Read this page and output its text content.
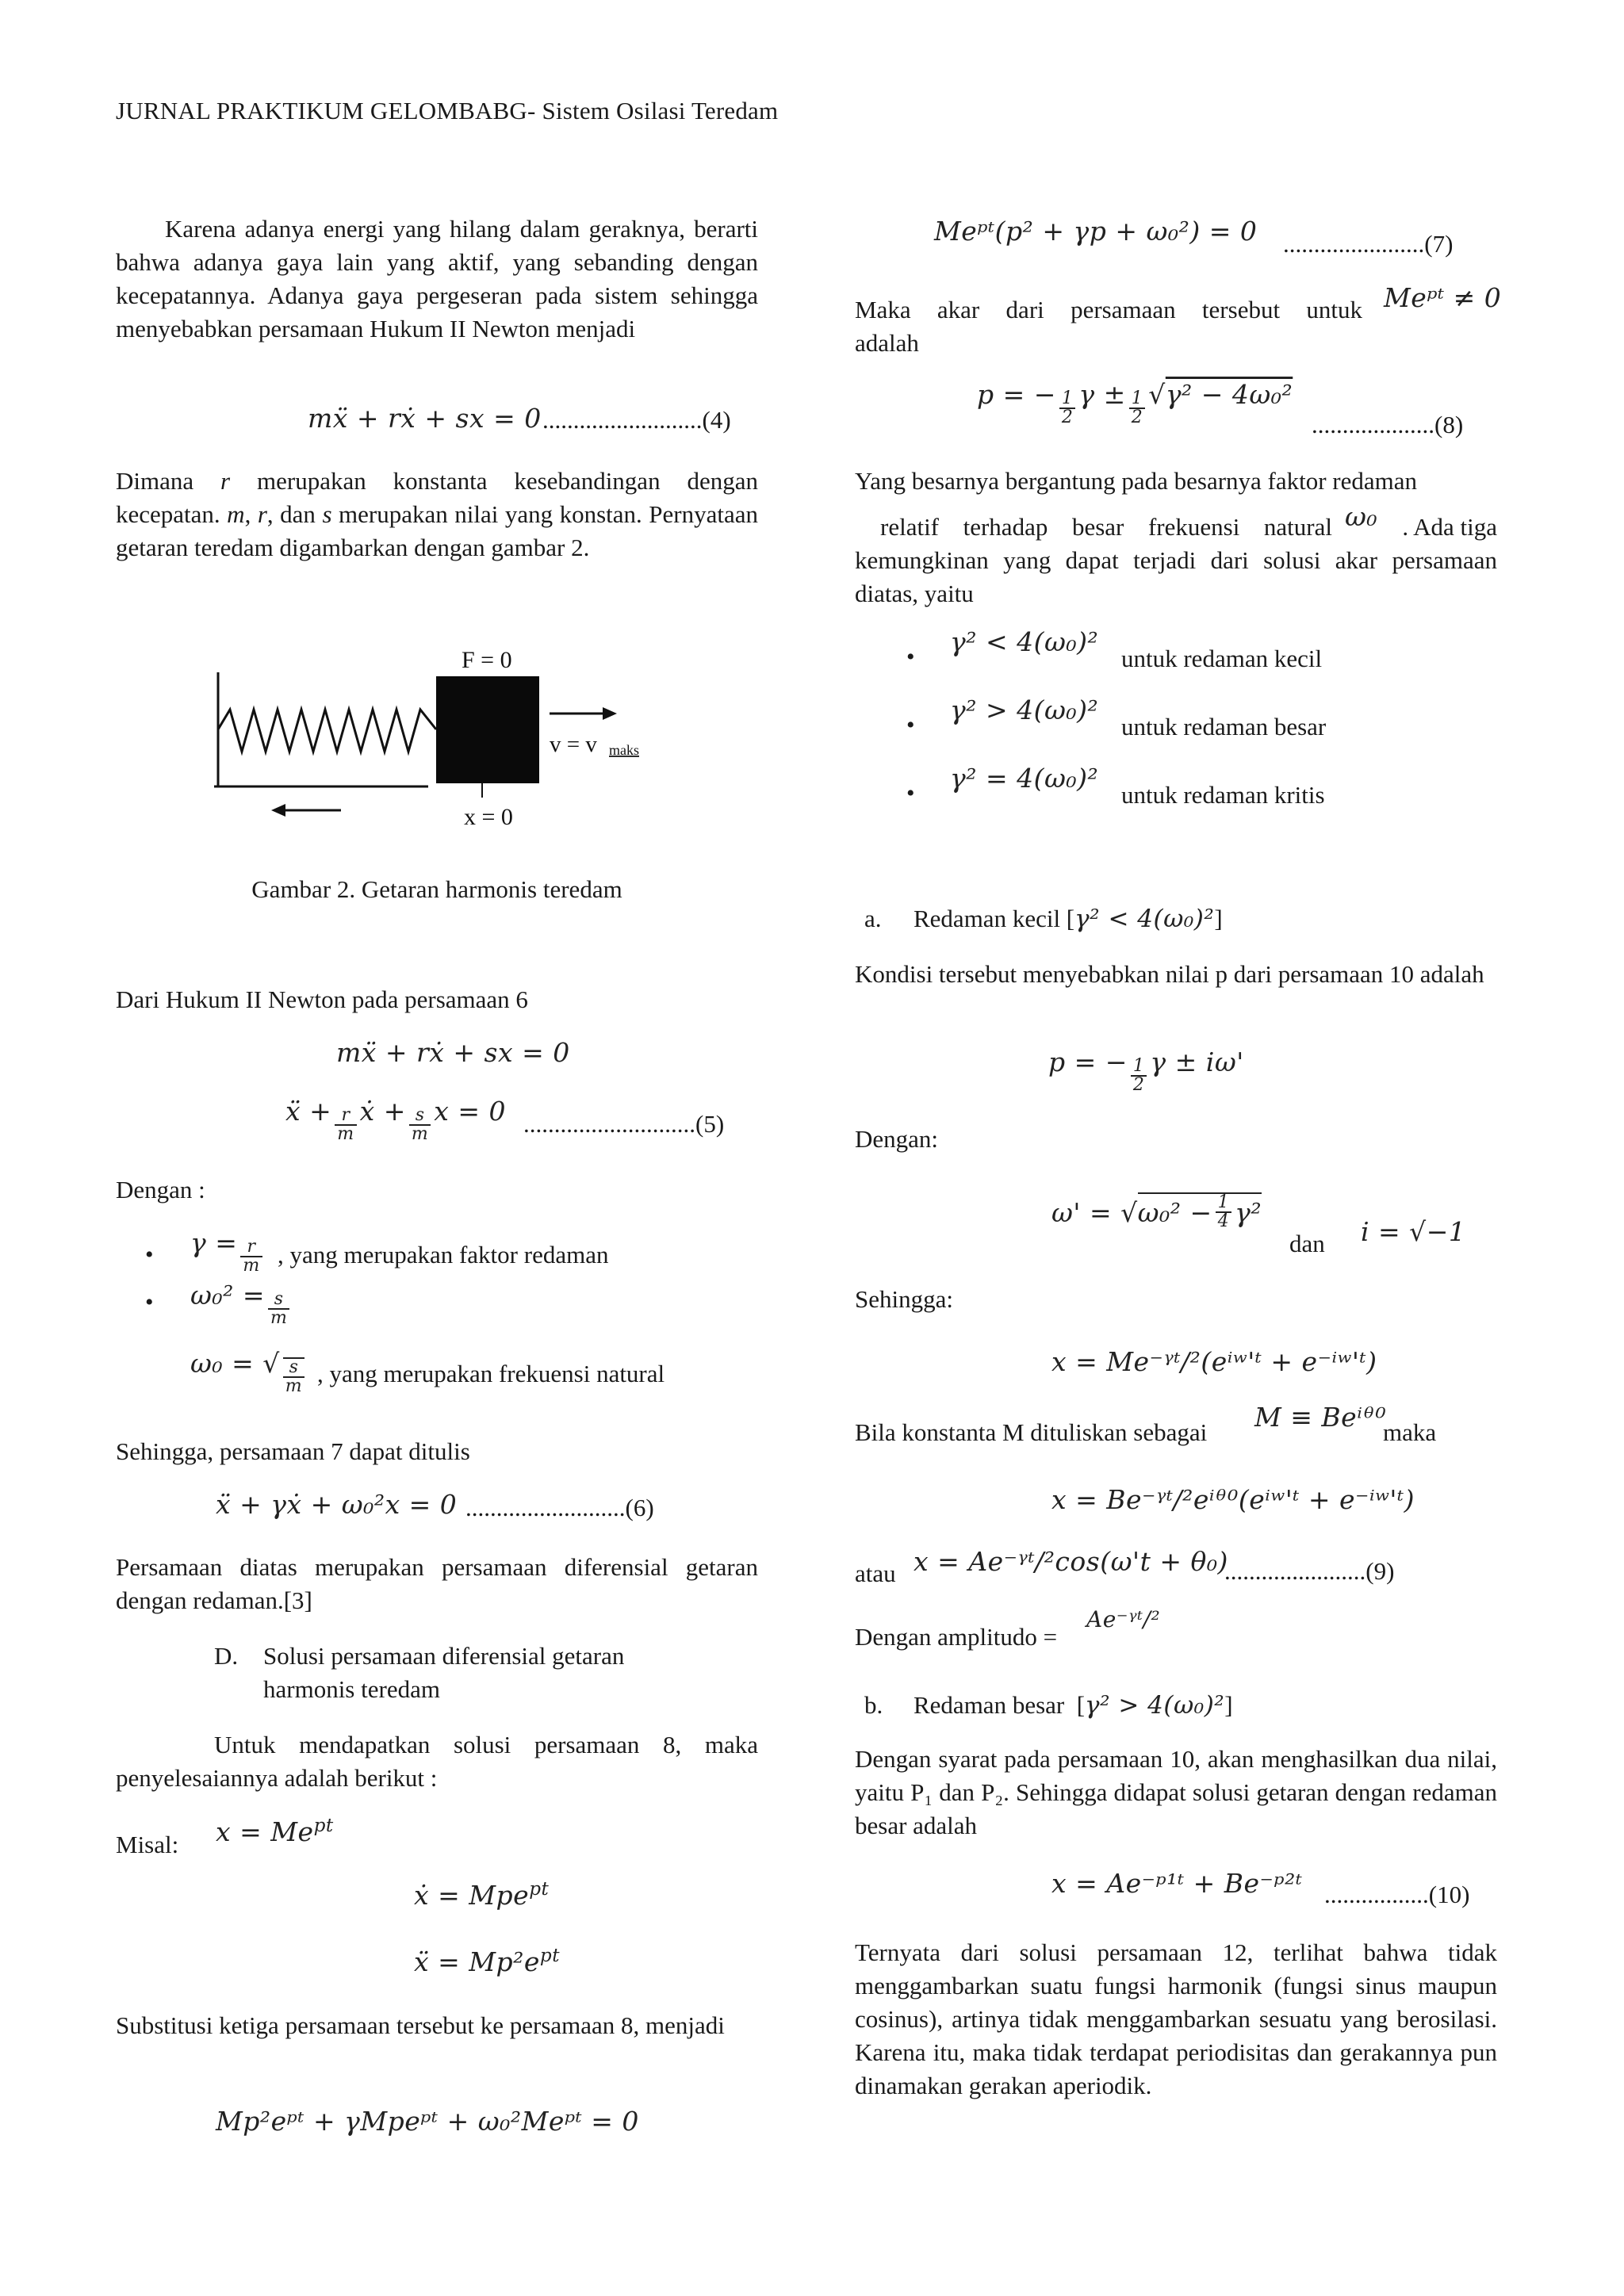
JURNAL PRAKTIKUM GELOMBABG- Sistem Osilasi Teredam
Karena adanya energi yang hilang dalam geraknya, berarti bahwa adanya gaya lain yang aktif, yang sebanding dengan kecepatannya. Adanya gaya pergeseran pada sistem sehingga menyebabkan persamaan Hukum II Newton menjadi
mẍ + rẋ + sx = 0 ..........................(4)
Dimana r merupakan konstanta kesebandingan dengan kecepatan. m, r, dan s merupakan nilai yang konstan. Pernyataan getaran teredam digambarkan dengan gambar 2.
F = 0
v = v maks
x = 0
Gambar 2. Getaran harmonis teredam
Dari Hukum II Newton pada persamaan 6
mẍ + rẋ + sx = 0
ẍ + $\frac{r}{m}$ ẋ + $\frac{s}{m}$ x = 0 ............................(5)
Dengan :
• $\gamma = \frac{r}{m}$ , yang merupakan faktor redaman
• $\omega_0^2 = \frac{s}{m}$
ω₀ = √ $\frac{s}{m}$ , yang merupakan frekuensi natural
Sehingga, persamaan 7 dapat ditulis
ẍ + γẋ + ω₀²x = 0 ..........................(6)
Persamaan diatas merupakan persamaan diferensial getaran dengan redaman.[3]
D. Solusi persamaan diferensial getaran harmonis teredam
Untuk mendapatkan solusi persamaan 8, maka penyelesaiannya adalah berikut :
Misal: $x = Me^{pt}$
ẋ = Mpe$^{pt}$
ẍ = $Mp^2e^{pt}$
Substitusi ketiga persamaan tersebut ke persamaan 8, menjadi
Mp²eᵖᵗ + γMpeᵖᵗ + ω₀²Meᵖᵗ = 0
Meᵖᵗ(p² + γp + ω₀²) = 0 .......................(7)
Maka akar dari persamaan tersebut untuk Meᵖᵗ ≠ 0
adalah
p = − $\frac{1}{2}$ $\gamma \pm \frac{1}{2} √\gamma^2 - 4\omega_0^2$
....................(8)
Yang besarnya bergantung pada besarnya faktor redaman
relatif terhadap besar frekuensi natural ω₀	. Ada tiga
kemungkinan yang dapat terjadi dari solusi akar persamaan diatas, yaitu
• γ² < 4(ω₀)²
untuk redaman kecil
• γ² > 4(ω₀)²
untuk redaman besar
• γ² = 4(ω₀)²
untuk redaman kritis
a. Redaman kecil [ γ² < 4(ω₀)² ]
Kondisi tersebut menyebabkan nilai p dari persamaan 10 adalah
p = − $\frac{1}{2}$ γ ± iω'
Dengan:
ω' = √ $\omega_0^2 - \frac{1}{4} \gamma^2$
dan i = √−1
Sehingga:
x = Me⁻ᵞᵗ/²(eⁱʷ'ᵗ + e⁻ⁱʷ'ᵗ)
Bila konstanta M dituliskan sebagai M ≡ Beⁱᶿ⁰
maka
x = Be⁻ᵞᵗ/²eⁱᶿ⁰(eⁱʷ'ᵗ + e⁻ⁱʷ'ᵗ)
atau x = Ae⁻ᵞᵗ/²cos(ω't + θ₀)
.......................(9)
Dengan amplitudo =
Ae⁻ᵞᵗ/²
b. Redaman besar  [ γ² > 4(ω₀)² ]
Dengan syarat pada persamaan 10, akan menghasilkan dua nilai, yaitu P₁ dan P₂. Sehingga didapat solusi getaran dengan redaman besar adalah
x = Ae⁻ᵖ¹ᵗ + Be⁻ᵖ²ᵗ .................(10)
Ternyata dari solusi persamaan 12, terlihat bahwa tidak menggambarkan suatu fungsi harmonik (fungsi sinus maupun cosinus), artinya tidak menggambarkan sesuatu yang berosilasi. Karena itu, maka tidak terdapat periodisitas dan gerakannya pun dinamakan gerakan aperiodik.
